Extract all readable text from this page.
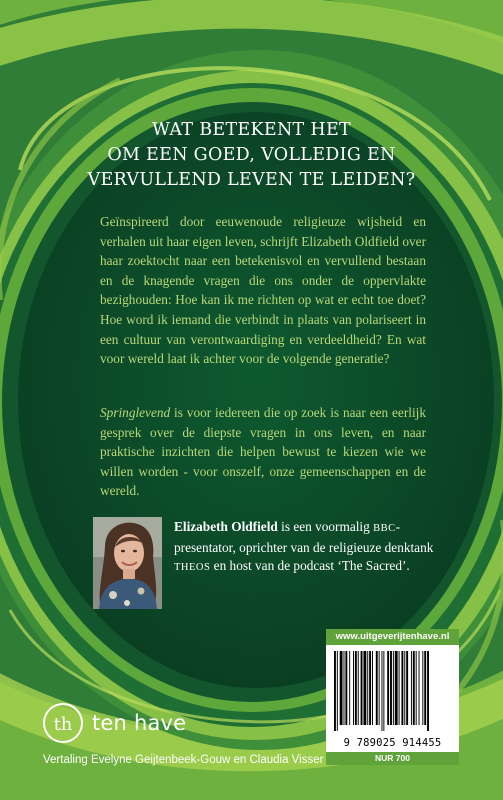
WAT BETEKENT HET
OM EEN GOED, VOLLEDIG EN
VERVULLEND LEVEN TE LEIDEN?
Geïnspireerd door eeuwenoude religieuze wijsheid en verhalen uit haar eigen leven, schrijft Elizabeth Oldfield over haar zoektocht naar een betekenisvol en vervullend bestaan en de knagende vragen die ons onder de oppervlakte bezighouden: Hoe kan ik me richten op wat er echt toe doet? Hoe word ik iemand die verbindt in plaats van polariseert in een cultuur van verontwaardiging en verdeeldheid? En wat voor wereld laat ik achter voor de volgende generatie?
Springlevend is voor iedereen die op zoek is naar een eerlijk gesprek over de diepste vragen in ons leven, en naar praktische inzichten die helpen bewust te kiezen wie we willen worden - voor onszelf, onze gemeenschappen en de wereld.
Elizabeth Oldfield is een voormalig BBC-presentator, oprichter van de religieuze denktank THEOS en host van de podcast ‘The Sacred’.
th ten have
Vertaling Evelyne Geijtenbeek-Gouw en Claudia Visser
www.uitgeverijtenhave.nl
9 789025 914455
NUR 700
